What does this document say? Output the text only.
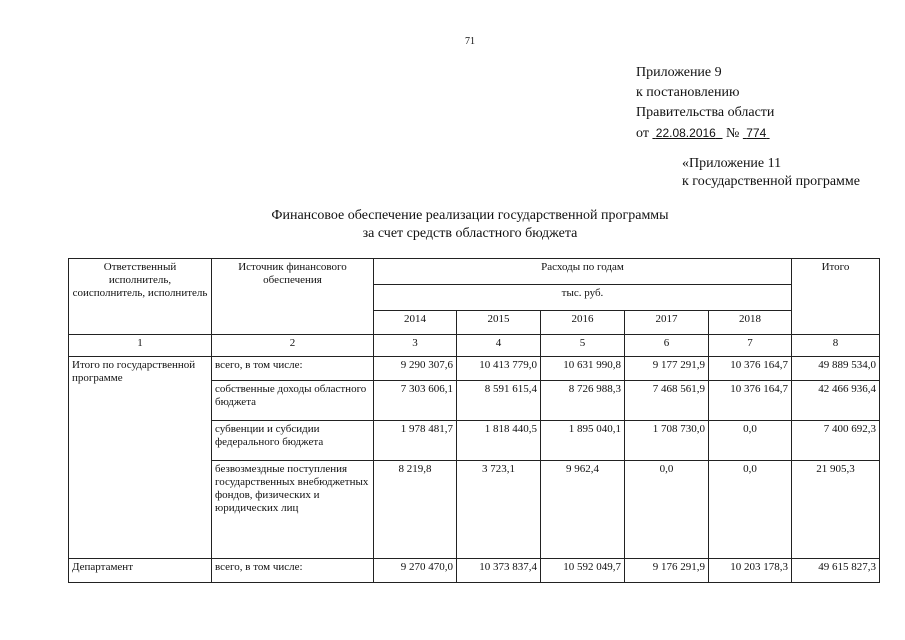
71
Приложение 9
к постановлению
Правительства области
от 22.08.2016 № 774
«Приложение 11
к государственной программе
Финансовое обеспечение реализации государственной программы
за счет средств областного бюджета
Ответственный исполнитель, соисполнитель, исполнитель	Источник финансового обеспечения	Расходы по годам					Итого
		тыс. руб.					
		2014	2015	2016	2017	2018	
1	2	3	4	5	6	7	8
Итого по государственной программе	всего, в том числе:	9 290 307,6	10 413 779,0	10 631 990,8	9 177 291,9	10 376 164,7	49 889 534,0
	собственные доходы областного бюджета	7 303 606,1	8 591 615,4	8 726 988,3	7 468 561,9	10 376 164,7	42 466 936,4
	субвенции и субсидии федерального бюджета	1 978 481,7	1 818 440,5	1 895 040,1	1 708 730,0	0,0	7 400 692,3
	безвозмездные поступления государственных внебюджетных фондов, физических и юридических лиц	8 219,8	3 723,1	9 962,4	0,0	0,0	21 905,3
Департамент	всего, в том числе:	9 270 470,0	10 373 837,4	10 592 049,7	9 176 291,9	10 203 178,3	49 615 827,3
